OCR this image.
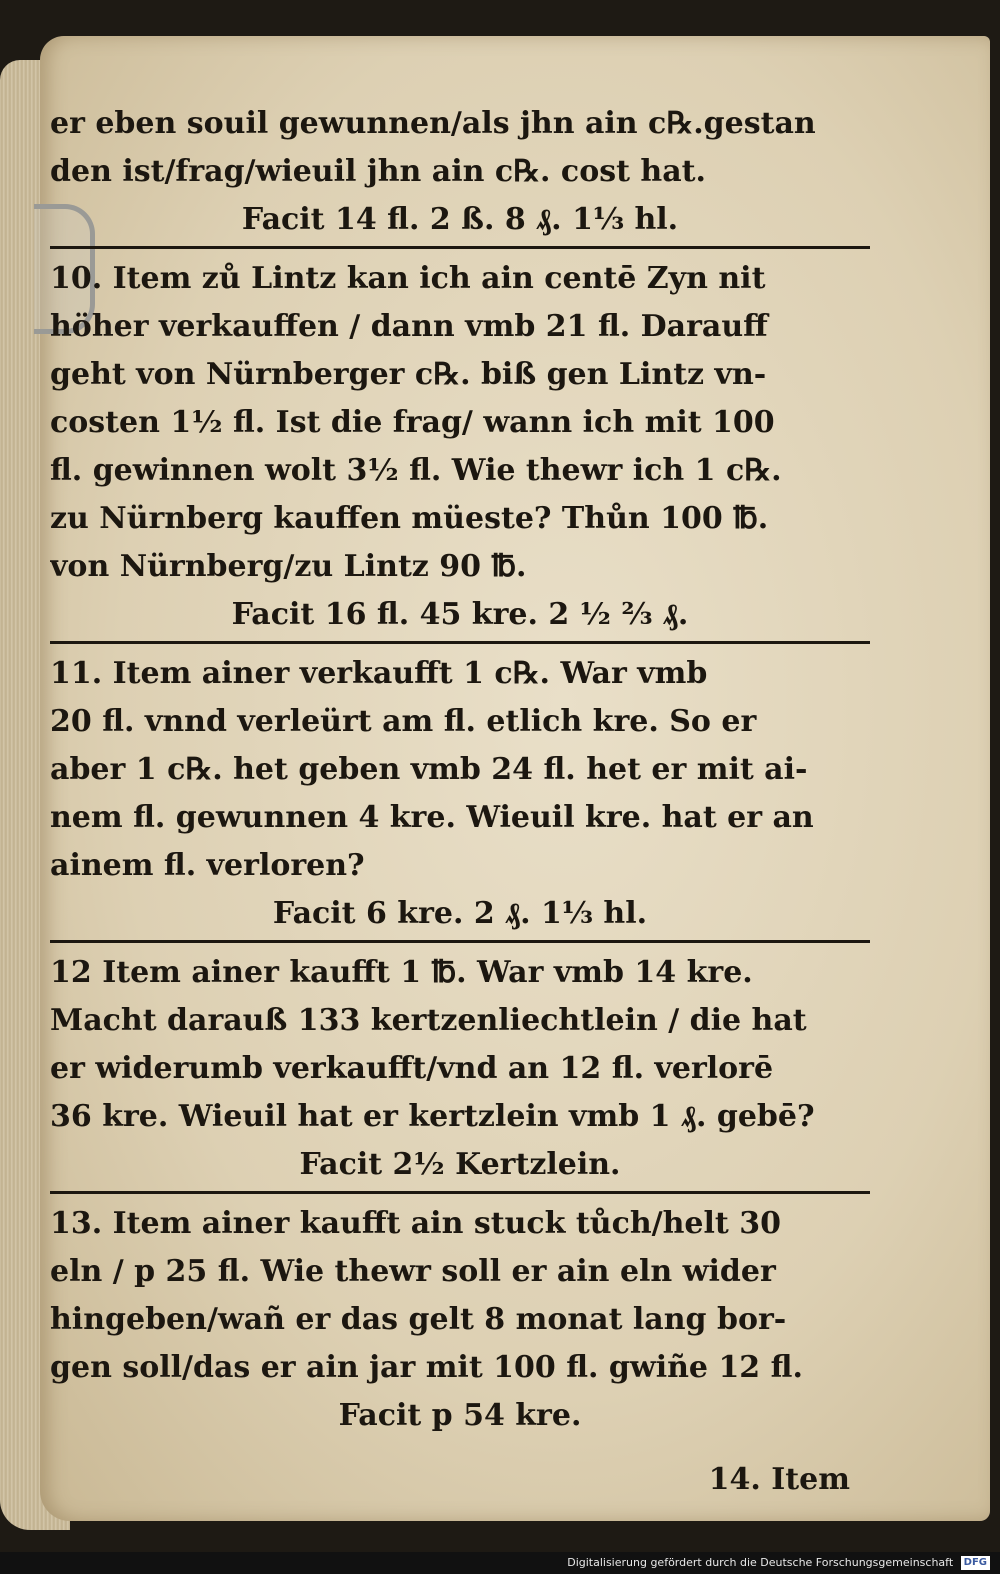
er eben souil gewunnen/als jhn ain c℞.gestan
den ist/frag/wieuil jhn ain c℞. cost hat.
Facit 14 fl. 2 ß. 8 ₰. 1⅓ hl.
10. Item zů Lintz kan ich ain centē Zyn nit
höher verkauffen / dann vmb 21 fl. Darauff
geht von Nürnberger c℞. biß gen Lintz vn-
costen 1½ fl. Ist die frag/ wann ich mit 100
fl. gewinnen wolt 3½ fl. Wie thewr ich 1 c℞.
zu Nürnberg kauffen müeste? Thůn 100 ℔.
von Nürnberg/zu Lintz 90 ℔.
Facit 16 fl. 45 kre. 2 ½ ⅔ ₰.
11. Item ainer verkaufft 1 c℞. War vmb
20 fl. vnnd verleürt am fl. etlich kre. So er
aber 1 c℞. het geben vmb 24 fl. het er mit ai-
nem fl. gewunnen 4 kre. Wieuil kre. hat er an
ainem fl. verloren?
Facit 6 kre. 2 ₰. 1⅓ hl.
12 Item ainer kaufft 1 ℔. War vmb 14 kre.
Macht darauß 133 kertzenliechtlein / die hat
er widerumb verkaufft/vnd an 12 fl. verlorē
36 kre. Wieuil hat er kertzlein vmb 1 ₰. gebē?
Facit 2½ Kertzlein.
13. Item ainer kaufft ain stuck tůch/helt 30
eln / p 25 fl. Wie thewr soll er ain eln wider
hingeben/wañ er das gelt 8 monat lang bor-
gen soll/das er ain jar mit 100 fl. gwiñe 12 fl.
Facit p 54 kre.
14. Item
Digitalisierung gefördert durch die Deutsche Forschungsgemeinschaft DFG
